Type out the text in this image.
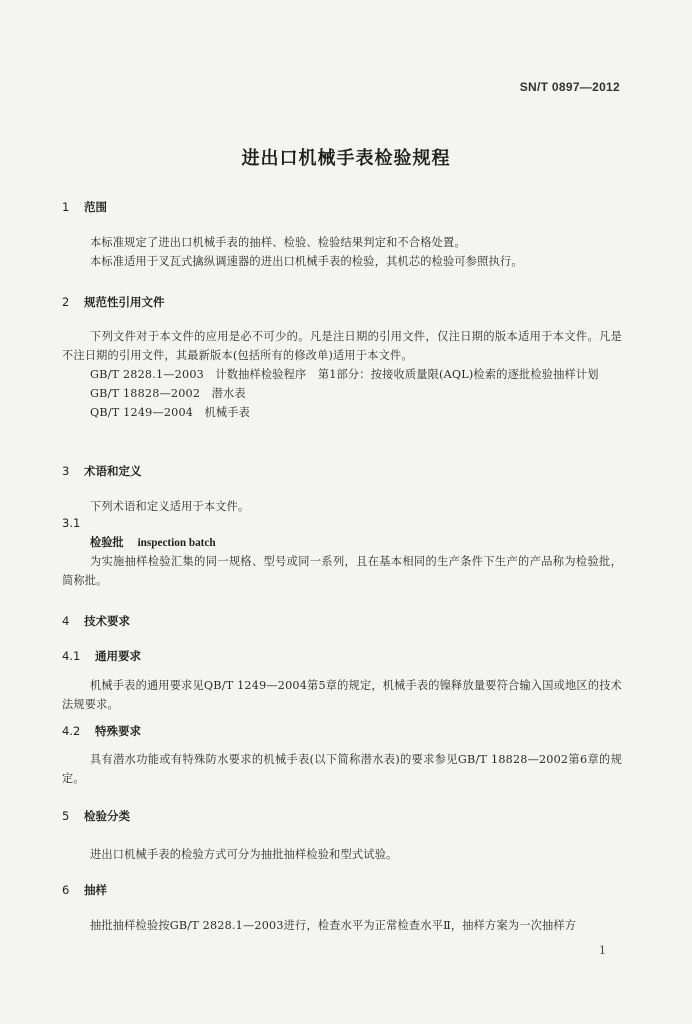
SN/T 0897—2012
进出口机械手表检验规程
1 范围
本标准规定了进出口机械手表的抽样、检验、检验结果判定和不合格处置。
本标准适用于叉瓦式擒纵调速器的进出口机械手表的检验，其机芯的检验可参照执行。
2 规范性引用文件
下列文件对于本文件的应用是必不可少的。凡是注日期的引用文件，仅注日期的版本适用于本文件。凡是不注日期的引用文件，其最新版本(包括所有的修改单)适用于本文件。
GB/T 2828.1—2003　计数抽样检验程序　第1部分：按接收质量限(AQL)检索的逐批检验抽样计划
GB/T 18828—2002　潜水表
QB/T 1249—2004　机械手表
3 术语和定义
下列术语和定义适用于本文件。
3.1
检验批 inspection batch
为实施抽样检验汇集的同一规格、型号或同一系列，且在基本相同的生产条件下生产的产品称为检验批，简称批。
4 技术要求
4.1 通用要求
机械手表的通用要求见QB/T 1249—2004第5章的规定，机械手表的镍释放量要符合输入国或地区的技术法规要求。
4.2 特殊要求
具有潜水功能或有特殊防水要求的机械手表(以下简称潜水表)的要求参见GB/T 18828—2002第6章的规定。
5 检验分类
进出口机械手表的检验方式可分为抽批抽样检验和型式试验。
6 抽样
抽批抽样检验按GB/T 2828.1—2003进行，检查水平为正常检查水平Ⅱ，抽样方案为一次抽样方
1
